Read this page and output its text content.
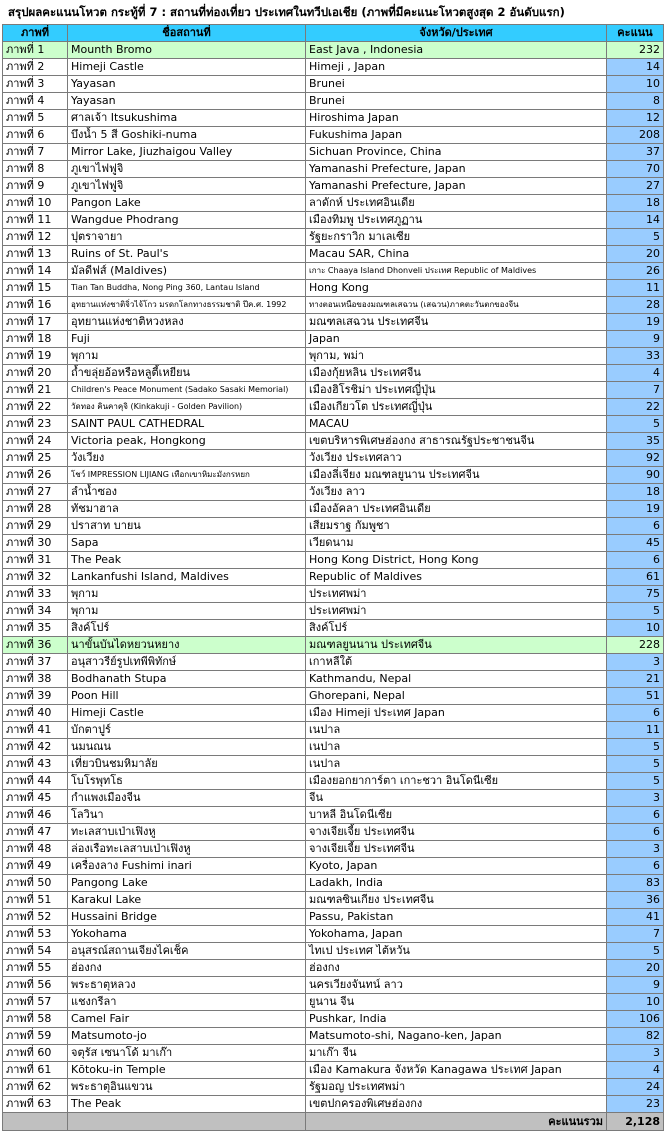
สรุปผลคะแนนโหวต กระทู้ที่ 7 : สถานที่ท่องเที่ยว ประเทศในทวีปเอเชีย (ภาพที่มีคะแนะโหวตสูงสุด 2 อันดับแรก)
ภาพที่	ชื่อสถานที่	จังหวัด/ประเทศ	คะแนน
ภาพที่ 1	Mounth Bromo	East Java , Indonesia	232
ภาพที่ 2	Himeji Castle	Himeji , Japan	14
ภาพที่ 3	Yayasan	Brunei	10
ภาพที่ 4	Yayasan	Brunei	8
ภาพที่ 5	ศาลเจ้า Itsukushima	Hiroshima Japan	12
ภาพที่ 6	บึงน้ำ 5 สี Goshiki-numa	Fukushima Japan	208
ภาพที่ 7	Mirror Lake, Jiuzhaigou Valley	Sichuan Province, China	37
ภาพที่ 8	ภูเขาไฟฟูจิ	Yamanashi Prefecture, Japan	70
ภาพที่ 9	ภูเขาไฟฟูจิ	Yamanashi Prefecture, Japan	27
ภาพที่ 10	Pangon Lake	ลาดักห์ ประเทศอินเดีย	18
ภาพที่ 11	Wangdue Phodrang	เมืองทิมพู ประเทศภูฏาน	14
ภาพที่ 12	ปุตราจายา	รัฐยะกราวิก มาเลเซีย	5
ภาพที่ 13	Ruins of St. Paul's	Macau SAR, China	20
ภาพที่ 14	มัลดีฟส์ (Maldives)	เกาะ Chaaya Island Dhonveli ประเทศ Republic of Maldives	26
ภาพที่ 15	Tian Tan Buddha, Nong Ping 360, Lantau Island	Hong Kong	11
ภาพที่ 16	อุทยานแห่งชาติจิ่วไจ้โกว มรดกโลกทางธรรมชาติ ปีค.ศ. 1992	ทางตอนเหนือของมณฑลเสฉวน (เสฉวน)ภาคตะวันตกของจีน	28
ภาพที่ 17	อุทยานแห่งชาติหวงหลง	มณฑลเสฉวน ประเทศจีน	19
ภาพที่ 18	Fuji	Japan	9
ภาพที่ 19	พุกาม	พุกาม, พม่า	33
ภาพที่ 20	ถ้ำขลุ่ยอ้อหรือหลูตี้เหยียน	เมืองกุ้ยหลิน ประเทศจีน	4
ภาพที่ 21	Children's Peace Monument (Sadako Sasaki Memorial)	เมืองฮิโรชิม่า ประเทศญี่ปุ่น	7
ภาพที่ 22	วัดทอง คินคาคุจิ (Kinkakuji - Golden Pavilion)	เมืองเกียวโต ประเทศญี่ปุ่น	22
ภาพที่ 23	SAINT PAUL CATHEDRAL	MACAU	5
ภาพที่ 24	Victoria peak, Hongkong	เขตบริหารพิเศษฮ่องกง สาธารณรัฐประชาชนจีน	35
ภาพที่ 25	วังเวียง	วังเวียง ประเทศลาว	92
ภาพที่ 26	โชว์ IMPRESSION LIJIANG เทือกเขาหิมะมังกรหยก	เมืองลี่เจียง มณฑลยูนาน ประเทศจีน	90
ภาพที่ 27	ลำน้ำซอง	วังเวียง ลาว	18
ภาพที่ 28	ทัชมาฮาล	เมืองอัคลา ประเทศอินเดีย	19
ภาพที่ 29	ปราสาท บายน	เสียมราฐ กัมพูชา	6
ภาพที่ 30	Sapa	เวียดนาม	45
ภาพที่ 31	The Peak	Hong Kong District, Hong Kong	6
ภาพที่ 32	Lankanfushi Island, Maldives	Republic of Maldives	61
ภาพที่ 33	พุกาม	ประเทศพม่า	75
ภาพที่ 34	พุกาม	ประเทศพม่า	5
ภาพที่ 35	สิงค์โปร์	สิงค์โปร์	10
ภาพที่ 36	นาขั้นบันไดหยวนหยาง	มณฑลยูนนาน ประเทศจีน	228
ภาพที่ 37	อนุสาวรีย์รูปเทพีพิทักษ์	เกาหลีใต้	3
ภาพที่ 38	Bodhanath Stupa	Kathmandu, Nepal	21
ภาพที่ 39	Poon Hill	Ghorepani, Nepal	51
ภาพที่ 40	Himeji Castle	เมือง Himeji ประเทศ Japan	6
ภาพที่ 41	บักตาปูร์	เนปาล	11
ภาพที่ 42	นมนณน	เนปาล	5
ภาพที่ 43	เที่ยวบินชมหิมาลัย	เนปาล	5
ภาพที่ 44	โบโรพุทโธ	เมืองยอกยาการ์ตา เกาะชวา อินโดนีเซีย	5
ภาพที่ 45	กำแพงเมืองจีน	จีน	3
ภาพที่ 46	โลวินา	บาหลี อินโดนีเซีย	6
ภาพที่ 47	ทะเลสาบเป่าเฟิงหู	จางเจียเจี้ย ประเทศจีน	6
ภาพที่ 48	ล่องเรือทะเลสาบเป่าเฟิงหู	จางเจียเจี้ย ประเทศจีน	3
ภาพที่ 49	เครื่องลาง Fushimi inari	Kyoto, Japan	6
ภาพที่ 50	Pangong Lake	Ladakh, India	83
ภาพที่ 51	Karakul Lake	มณฑลซินเกียง ประเทศจีน	36
ภาพที่ 52	Hussaini Bridge	Passu, Pakistan	41
ภาพที่ 53	Yokohama	Yokohama, Japan	7
ภาพที่ 54	อนุสรณ์สถานเจียงไคเช็ค	ไทเป ประเทศ ไต้หวัน	5
ภาพที่ 55	ฮ่องกง	ฮ่องกง	20
ภาพที่ 56	พระธาตุหลวง	นครเวียงจันทน์ ลาว	9
ภาพที่ 57	แชงกรีลา	ยูนาน จีน	10
ภาพที่ 58	Camel Fair	Pushkar, India	106
ภาพที่ 59	Matsumoto-jo	Matsumoto-shi, Nagano-ken, Japan	82
ภาพที่ 60	จตุรัส เซนาโด้ มาเก๊า	มาเก๊า จีน	3
ภาพที่ 61	Kōtoku-in Temple	เมือง Kamakura จังหวัด Kanagawa ประเทศ Japan	4
ภาพที่ 62	พระธาตุอินแขวน	รัฐมอญ ประเทศพม่า	24
ภาพที่ 63	The Peak	เขตปกครองพิเศษฮ่องกง	23
		คะแนนรวม	2,128
